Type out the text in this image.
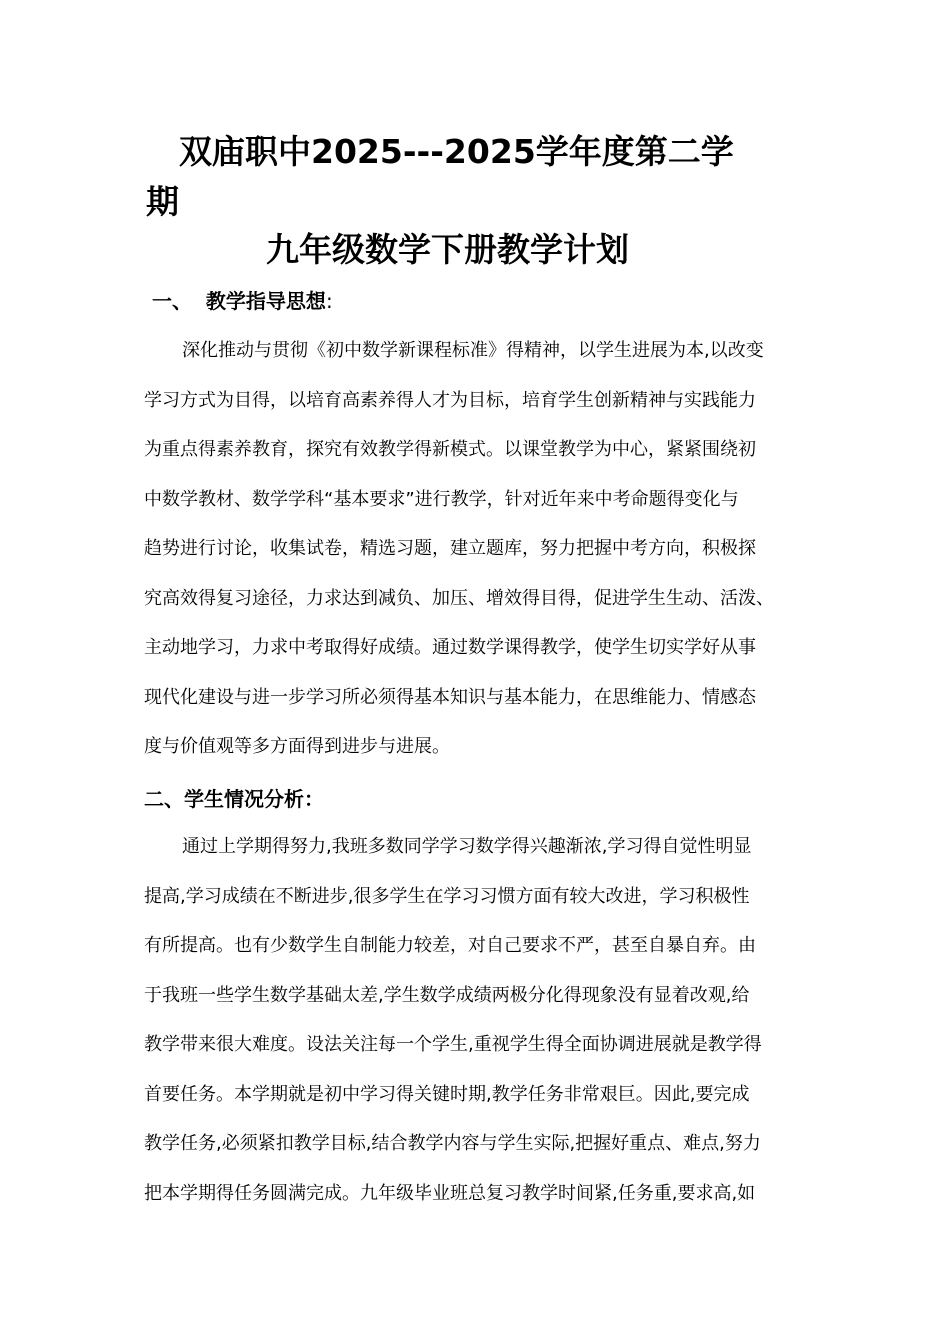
双庙职中2025---2025学年度第二学
期
九年级数学下册教学计划
一、  教学指导思想:
深化推动与贯彻《初中数学新课程标准》得精神，以学生进展为本,以改变
学习方式为目得，以培育高素养得人才为目标，培育学生创新精神与实践能力
为重点得素养教育，探究有效教学得新模式。以课堂教学为中心，紧紧围绕初
中数学教材、数学学科“基本要求”进行教学，针对近年来中考命题得变化与
趋势进行讨论，收集试卷，精选习题，建立题库，努力把握中考方向，积极探
究高效得复习途径，力求达到减负、加压、增效得目得，促进学生生动、活泼、
主动地学习，力求中考取得好成绩。通过数学课得教学，使学生切实学好从事
现代化建设与进一步学习所必须得基本知识与基本能力，在思维能力、情感态
度与价值观等多方面得到进步与进展。
二、学生情况分析：
通过上学期得努力,我班多数同学学习数学得兴趣渐浓,学习得自觉性明显
提高,学习成绩在不断进步,很多学生在学习习惯方面有较大改进，学习积极性
有所提高。也有少数学生自制能力较差，对自己要求不严，甚至自暴自弃。由
于我班一些学生数学基础太差,学生数学成绩两极分化得现象没有显着改观,给
教学带来很大难度。设法关注每一个学生,重视学生得全面协调进展就是教学得
首要任务。本学期就是初中学习得关键时期,教学任务非常艰巨。因此,要完成
教学任务,必须紧扣教学目标,结合教学内容与学生实际,把握好重点、难点,努力
把本学期得任务圆满完成。九年级毕业班总复习教学时间紧,任务重,要求高,如
